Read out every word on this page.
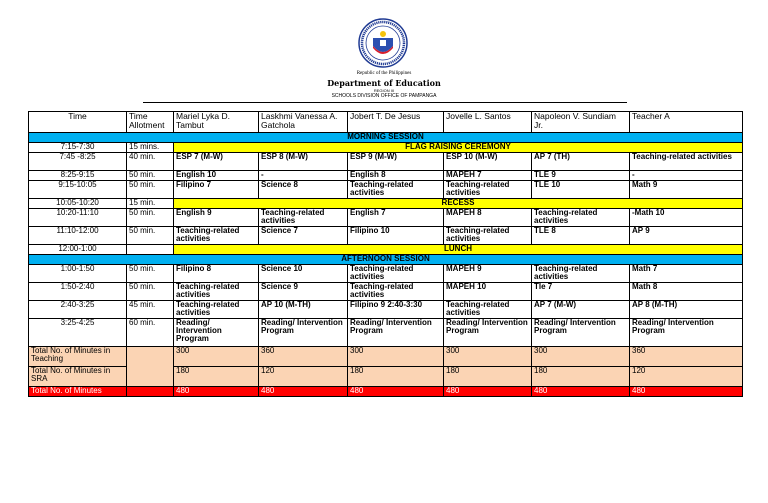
Republic of the Philippines
Department of Education
REGION III
SCHOOLS DIVISION OFFICE OF PAMPANGA
Time	Time Allotment	Mariel Lyka D. Tambut	Laskhmi Vanessa A. Gatchola	Jobert T. De Jesus	Jovelle L. Santos	Napoleon V. Sundiam Jr.	Teacher A
MORNING SESSION							
7:15-7:30	15 mins.	FLAG RAISING CEREMONY					
7:45 -8:25	40 min.	ESP 7 (M-W)	ESP 8 (M-W)	ESP 9 (M-W)	ESP 10 (M-W)	AP 7 (TH)	Teaching-related activities
8:25-9:15	50 min.	English 10	-	English 8	MAPEH 7	TLE 9	-
9:15-10:05	50 min.	Filipino 7	Science 8	Teaching-related activities	Teaching-related activities	TLE 10	Math 9
10:05-10:20	15 min.	RECESS					
10:20-11:10	50 min.	English 9	Teaching-related activities	English 7	MAPEH 8	Teaching-related activities	-Math 10
11:10-12:00	50 min.	Teaching-related activities	Science 7	Filipino 10	Teaching-related activities	TLE 8	AP 9
12:00-1:00		LUNCH					
AFTERNOON SESSION							
1:00-1:50	50 min.	Filipino 8	Science 10	Teaching-related activities	MAPEH 9	Teaching-related activities	Math 7
1:50-2:40	50 min.	Teaching-related activities	Science 9	Teaching-related activities	MAPEH 10	Tle 7	Math 8
2:40-3:25	45 min.	Teaching-related activities	AP 10 (M-TH)	Filipino 9 2:40-3:30	Teaching-related activities	AP 7 (M-W)	AP 8 (M-TH)
3:25-4:25	60 min.	Reading/ Intervention Program	Reading/ Intervention Program	Reading/ Intervention Program	Reading/ Intervention Program	Reading/ Intervention Program	Reading/ Intervention Program
Total No. of Minutes in Teaching		300	360	300	300	300	360
Total No. of Minutes in SRA		180	120	180	180	180	120
Total No. of Minutes		480	480	480	480	480	480
